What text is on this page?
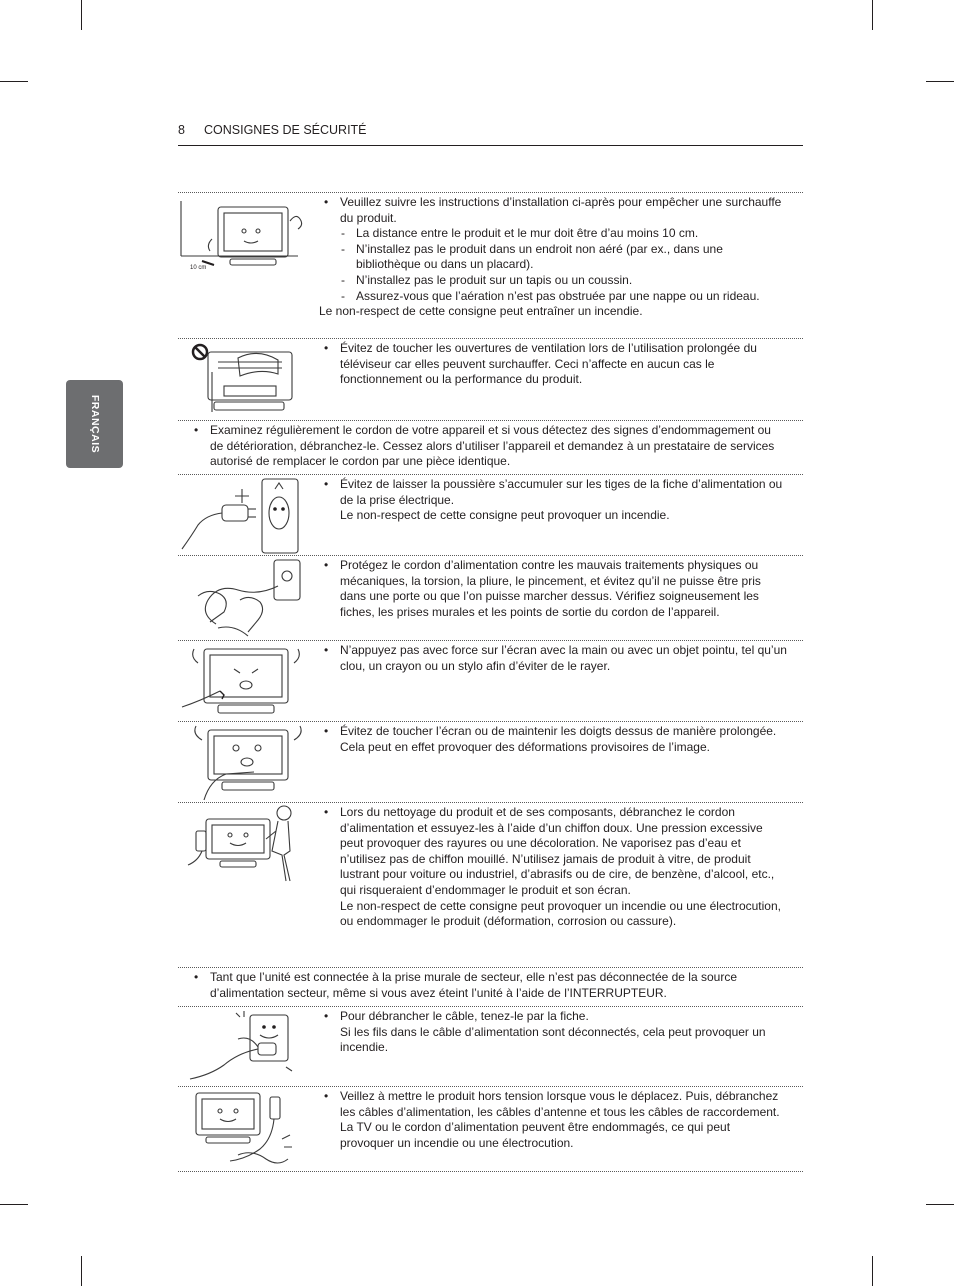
8 CONSIGNES DE SÉCURITÉ
FRANÇAIS
10 cm
• Veuillez suivre les instructions d’installation ci-après pour empêcher une surchauffe du produit.
- La distance entre le produit et le mur doit être d’au moins 10 cm.
- N’installez pas le produit dans un endroit non aéré (par ex., dans une bibliothèque ou dans un placard).
- N’installez pas le produit sur un tapis ou un coussin.
- Assurez-vous que l’aération n’est pas obstruée par une nappe ou un rideau.
Le non-respect de cette consigne peut entraîner un incendie.
• Évitez de toucher les ouvertures de ventilation lors de l’utilisation prolongée du téléviseur car elles peuvent surchauffer. Ceci n’affecte en aucun cas le fonctionnement ou la performance du produit.
• Examinez régulièrement le cordon de votre appareil et si vous détectez des signes d’endommagement ou de détérioration, débranchez-le. Cessez alors d’utiliser l’appareil et demandez à un prestataire de services autorisé de remplacer le cordon par une pièce identique.
• Évitez de laisser la poussière s’accumuler sur les tiges de la fiche d’alimentation ou de la prise électrique.
Le non-respect de cette consigne peut provoquer un incendie.
• Protégez le cordon d’alimentation contre les mauvais traitements physiques ou mécaniques, la torsion, la pliure, le pincement, et évitez qu’il ne puisse être pris dans une porte ou que l’on puisse marcher dessus. Vérifiez soigneusement les fiches, les prises murales et les points de sortie du cordon de l’appareil.
• N’appuyez pas avec force sur l’écran avec la main ou avec un objet pointu, tel qu’un clou, un crayon ou un stylo afin d’éviter de le rayer.
• Évitez de toucher l’écran ou de maintenir les doigts dessus de manière prolongée. Cela peut en effet provoquer des déformations provisoires de l’image.
• Lors du nettoyage du produit et de ses composants, débranchez le cordon d’alimentation et essuyez-les à l’aide d’un chiffon doux. Une pression excessive peut provoquer des rayures ou une décoloration. Ne vaporisez pas d’eau et n’utilisez pas de chiffon mouillé. N’utilisez jamais de produit à vitre, de produit lustrant pour voiture ou industriel, d’abrasifs ou de cire, de benzène, d’alcool, etc., qui risqueraient d’endommager le produit et son écran.
Le non-respect de cette consigne peut provoquer un incendie ou une électrocution, ou endommager le produit (déformation, corrosion ou cassure).
• Tant que l’unité est connectée à la prise murale de secteur, elle n’est pas déconnectée de la source d’alimentation secteur, même si vous avez éteint l’unité à l’aide de l’INTERRUPTEUR.
• Pour débrancher le câble, tenez-le par la fiche.
Si les fils dans le câble d’alimentation sont déconnectés, cela peut provoquer un incendie.
• Veillez à mettre le produit hors tension lorsque vous le déplacez. Puis, débranchez les câbles d’alimentation, les câbles d’antenne et tous les câbles de raccordement.
La TV ou le cordon d’alimentation peuvent être endommagés, ce qui peut provoquer un incendie ou une électrocution.
